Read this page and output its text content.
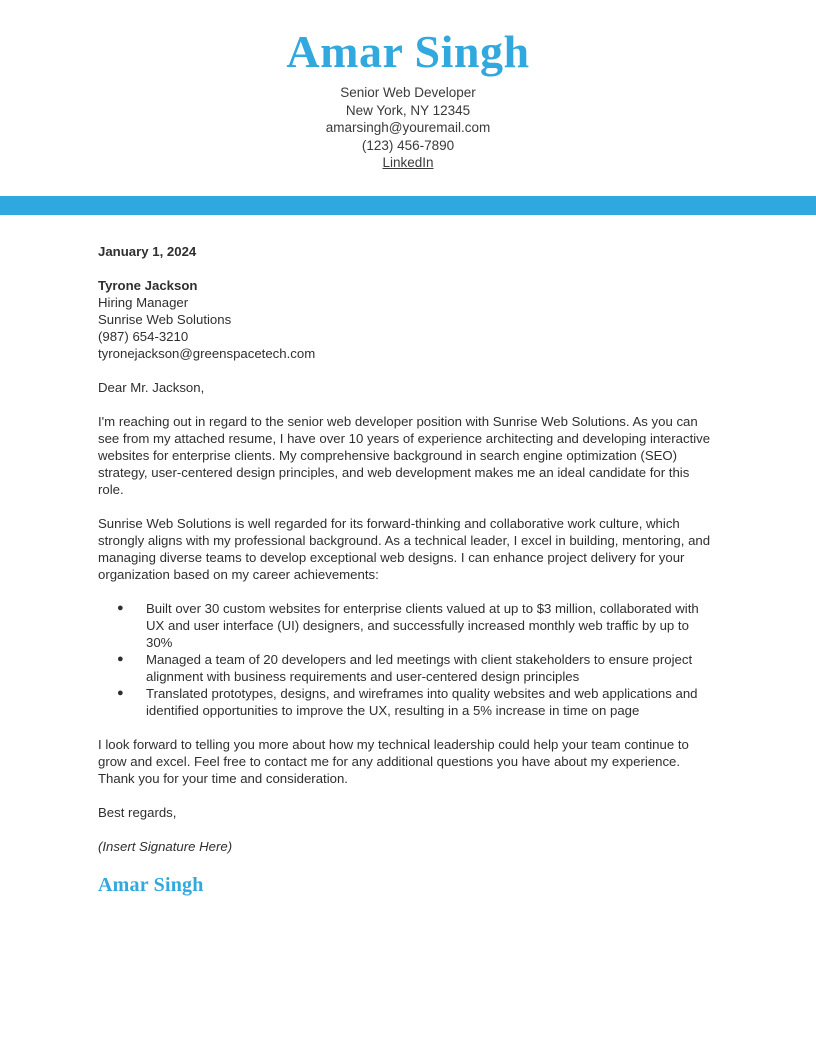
Amar Singh
Senior Web Developer
New York, NY 12345
amarsingh@youremail.com
(123) 456-7890
LinkedIn

January 1, 2024

Tyrone Jackson
Hiring Manager
Sunrise Web Solutions
(987) 654-3210
tyronejackson@greenspacetech.com

Dear Mr. Jackson,

I'm reaching out in regard to the senior web developer position with Sunrise Web Solutions. As you can see from my attached resume, I have over 10 years of experience architecting and developing interactive websites for enterprise clients. My comprehensive background in search engine optimization (SEO) strategy, user-centered design principles, and web development makes me an ideal candidate for this role.

Sunrise Web Solutions is well regarded for its forward-thinking and collaborative work culture, which strongly aligns with my professional background. As a technical leader, I excel in building, mentoring, and managing diverse teams to develop exceptional web designs. I can enhance project delivery for your organization based on my career achievements:

● Built over 30 custom websites for enterprise clients valued at up to $3 million, collaborated with UX and user interface (UI) designers, and successfully increased monthly web traffic by up to 30%
● Managed a team of 20 developers and led meetings with client stakeholders to ensure project alignment with business requirements and user-centered design principles
● Translated prototypes, designs, and wireframes into quality websites and web applications and identified opportunities to improve the UX, resulting in a 5% increase in time on page

I look forward to telling you more about how my technical leadership could help your team continue to grow and excel. Feel free to contact me for any additional questions you have about my experience. Thank you for your time and consideration.

Best regards,

(Insert Signature Here)

Amar Singh
